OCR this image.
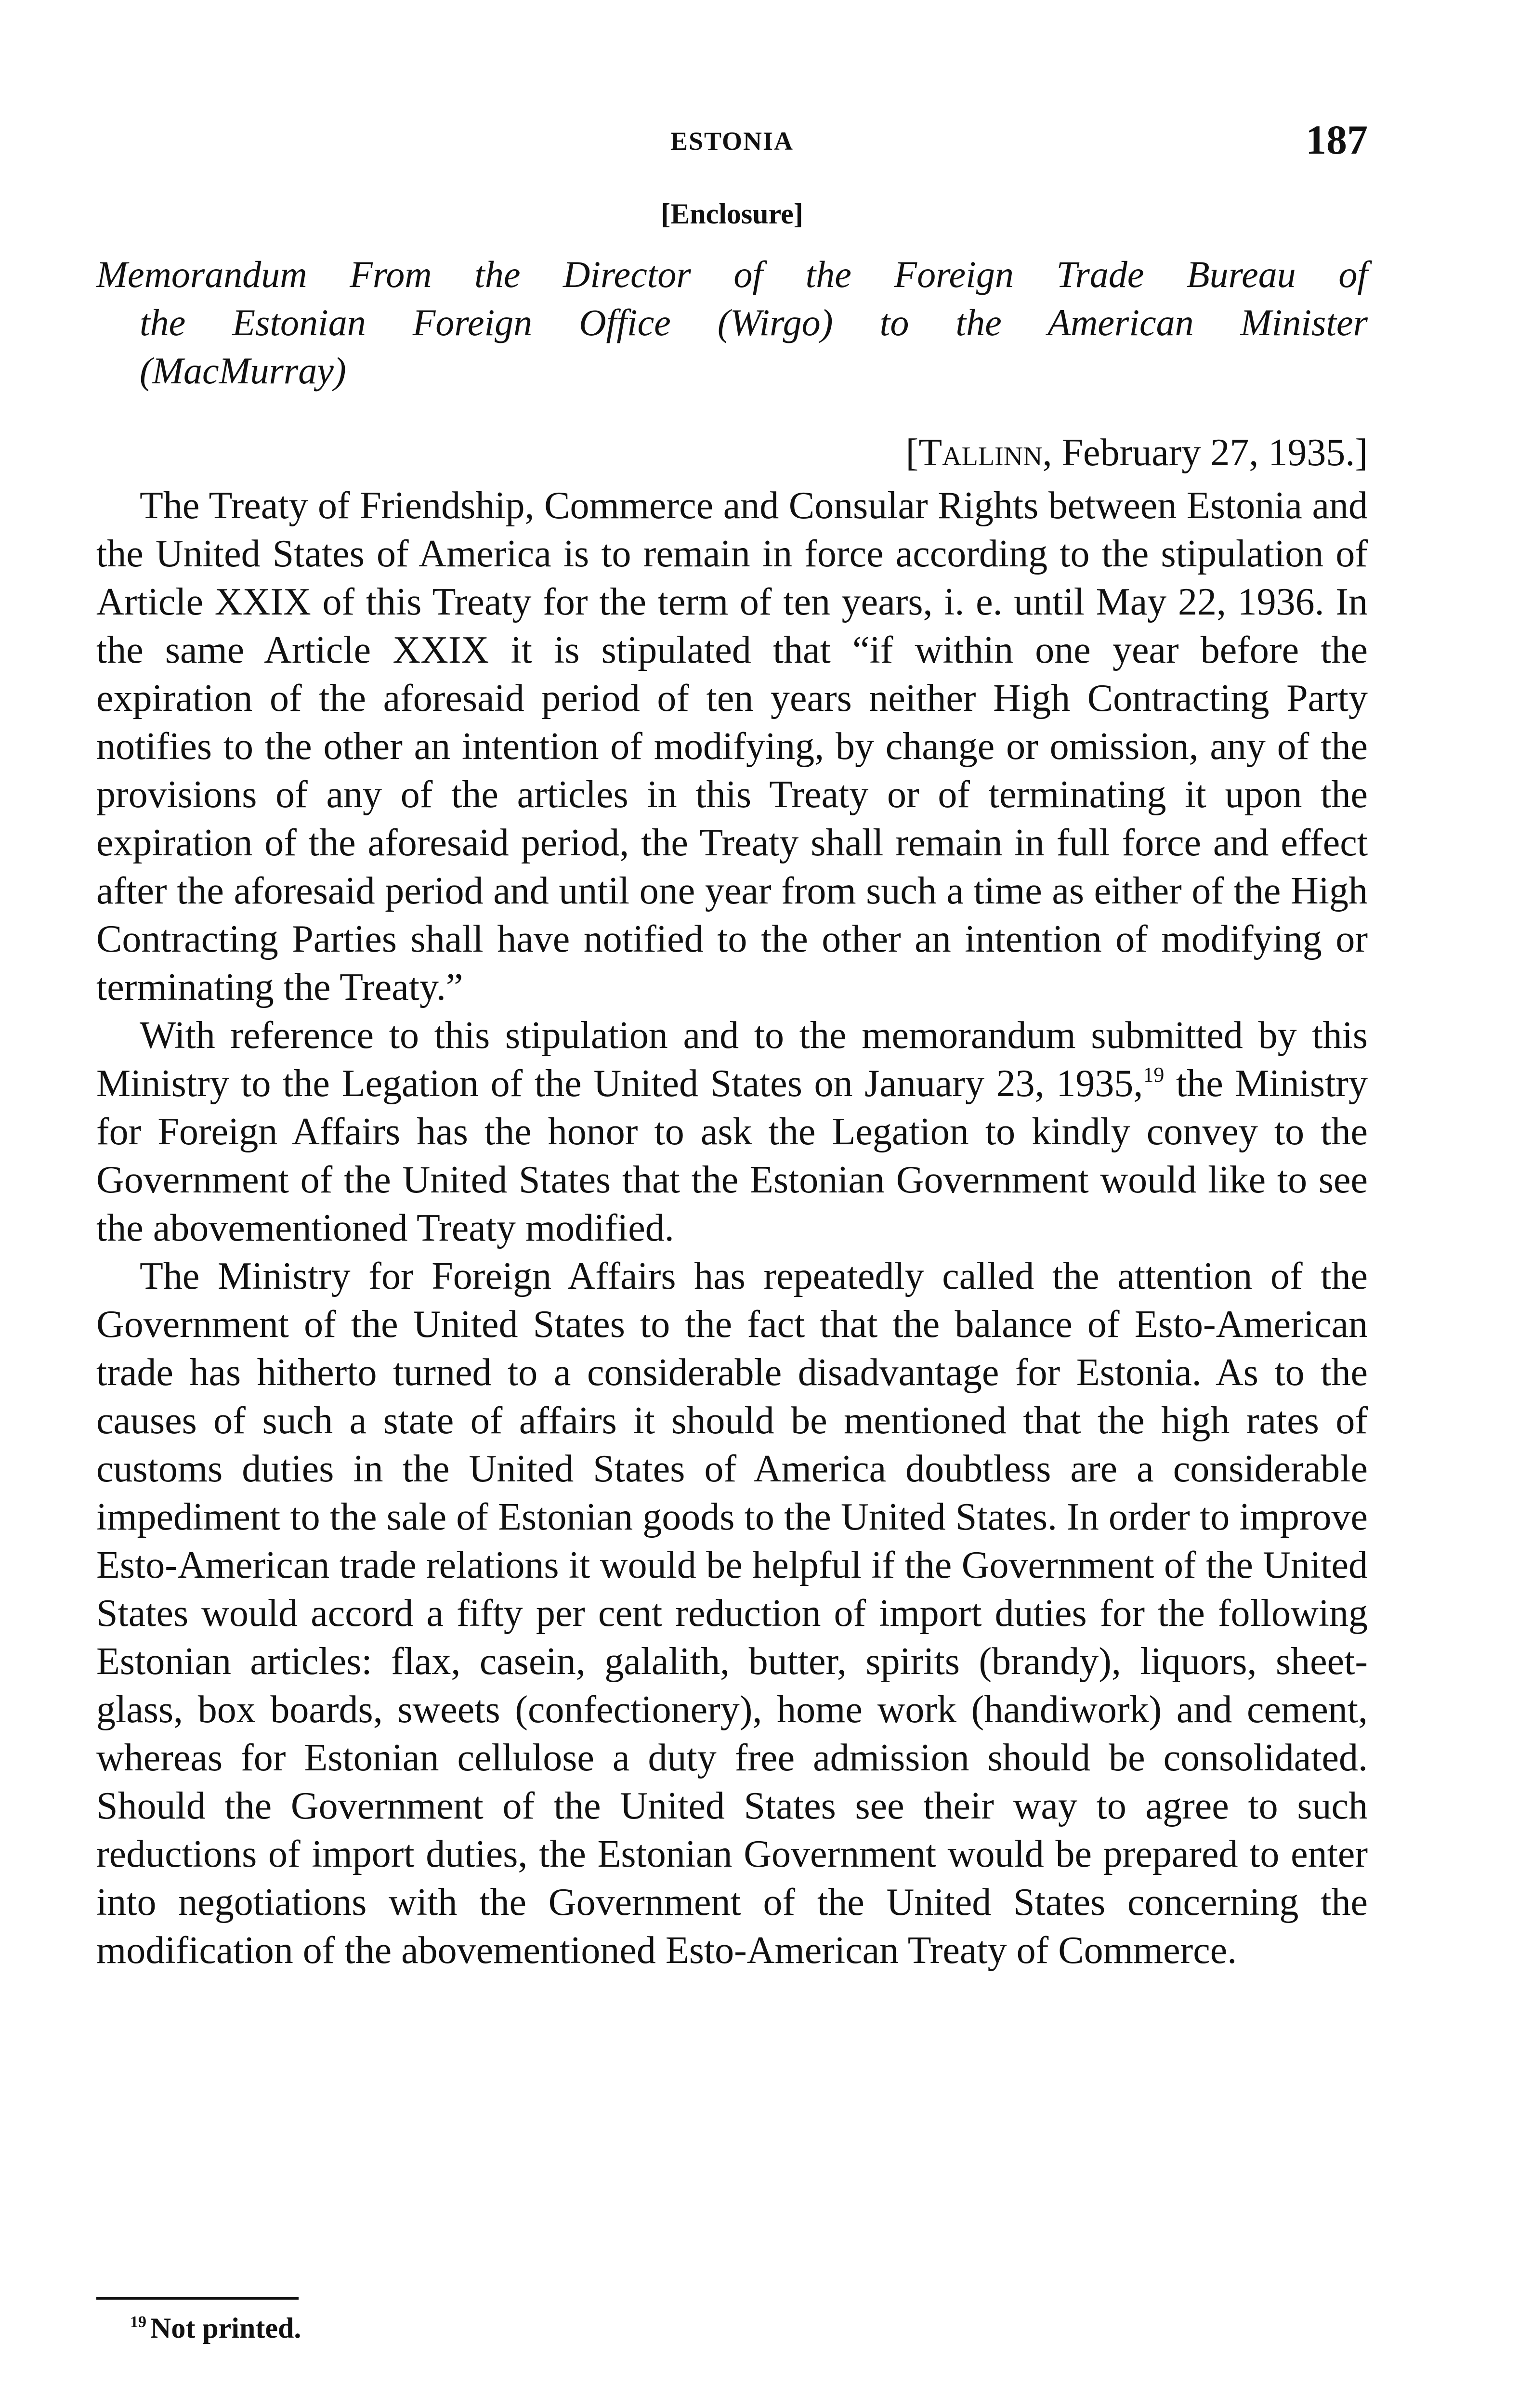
ESTONIA	187
[Enclosure]
Memorandum From the Director of the Foreign Trade Bureau of
the Estonian Foreign Office (Wirgo) to the American Minister
(MacMurray)
[Tallinn, February 27, 1935.]

The Treaty of Friendship, Commerce and Consular Rights between Estonia and the United States of America is to remain in force according to the stipulation of Article XXIX of this Treaty for the term of ten years, i. e. until May 22, 1936. In the same Article XXIX it is stipulated that “if within one year before the expiration of the aforesaid period of ten years neither High Contracting Party notifies to the other an intention of modifying, by change or omission, any of the provisions of any of the articles in this Treaty or of terminating it upon the expiration of the aforesaid period, the Treaty shall remain in full force and effect after the aforesaid period and until one year from such a time as either of the High Contracting Parties shall have notified to the other an intention of modifying or terminating the Treaty.”

With reference to this stipulation and to the memorandum submitted by this Ministry to the Legation of the United States on January 23, 1935,19 the Ministry for Foreign Affairs has the honor to ask the Legation to kindly convey to the Government of the United States that the Estonian Government would like to see the abovementioned Treaty modified.

The Ministry for Foreign Affairs has repeatedly called the attention of the Government of the United States to the fact that the balance of Esto-American trade has hitherto turned to a considerable disadvantage for Estonia. As to the causes of such a state of affairs it should be mentioned that the high rates of customs duties in the United States of America doubtless are a considerable impediment to the sale of Estonian goods to the United States. In order to improve Esto-American trade relations it would be helpful if the Government of the United States would accord a fifty per cent reduction of import duties for the following Estonian articles: flax, casein, galalith, butter, spirits (brandy), liquors, sheet-glass, box boards, sweets (confectionery), home work (handiwork) and cement, whereas for Estonian cellulose a duty free admission should be consolidated. Should the Government of the United States see their way to agree to such reductions of import duties, the Estonian Government would be prepared to enter into negotiations with the Government of the United States concerning the modification of the abovementioned Esto-American Treaty of Commerce.

$^{19}$ Not printed.
